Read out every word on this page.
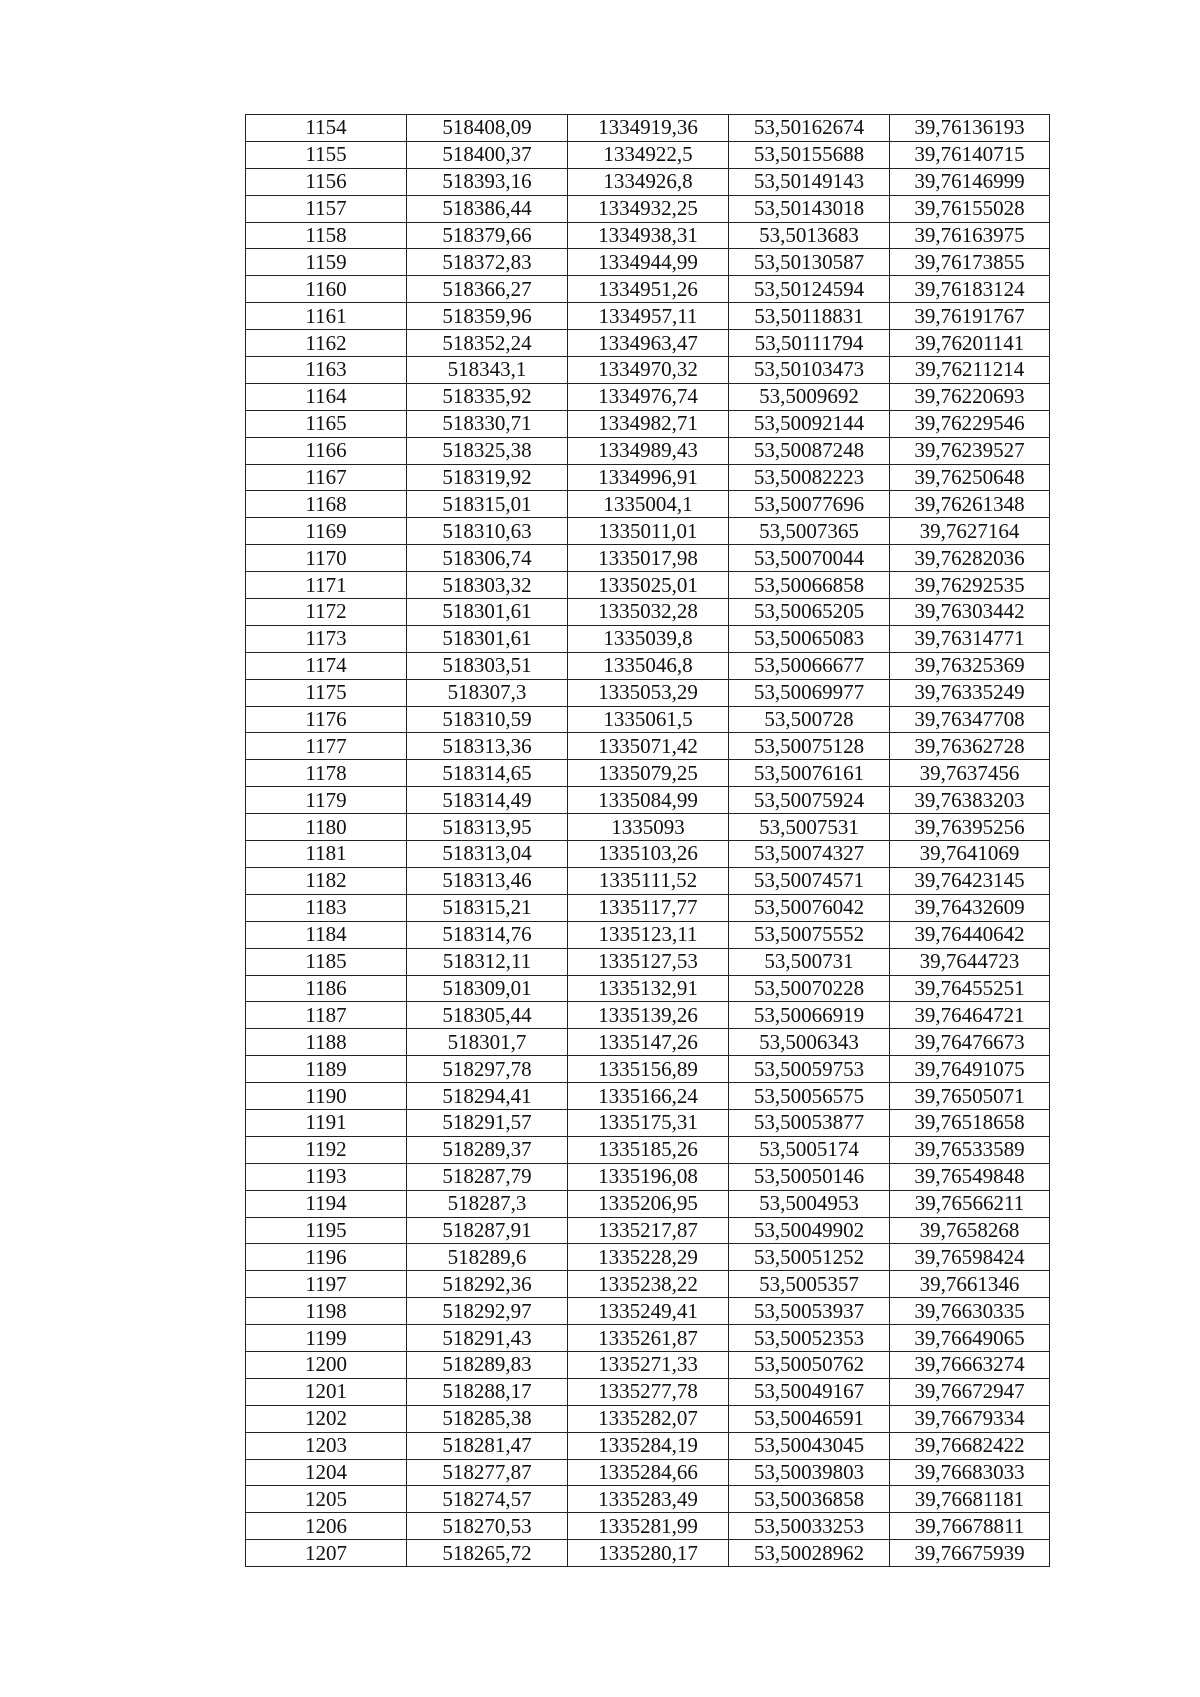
1154	518408,09	1334919,36	53,50162674	39,76136193
1155	518400,37	1334922,5	53,50155688	39,76140715
1156	518393,16	1334926,8	53,50149143	39,76146999
1157	518386,44	1334932,25	53,50143018	39,76155028
1158	518379,66	1334938,31	53,5013683	39,76163975
1159	518372,83	1334944,99	53,50130587	39,76173855
1160	518366,27	1334951,26	53,50124594	39,76183124
1161	518359,96	1334957,11	53,50118831	39,76191767
1162	518352,24	1334963,47	53,50111794	39,76201141
1163	518343,1	1334970,32	53,50103473	39,76211214
1164	518335,92	1334976,74	53,5009692	39,76220693
1165	518330,71	1334982,71	53,50092144	39,76229546
1166	518325,38	1334989,43	53,50087248	39,76239527
1167	518319,92	1334996,91	53,50082223	39,76250648
1168	518315,01	1335004,1	53,50077696	39,76261348
1169	518310,63	1335011,01	53,5007365	39,7627164
1170	518306,74	1335017,98	53,50070044	39,76282036
1171	518303,32	1335025,01	53,50066858	39,76292535
1172	518301,61	1335032,28	53,50065205	39,76303442
1173	518301,61	1335039,8	53,50065083	39,76314771
1174	518303,51	1335046,8	53,50066677	39,76325369
1175	518307,3	1335053,29	53,50069977	39,76335249
1176	518310,59	1335061,5	53,500728	39,76347708
1177	518313,36	1335071,42	53,50075128	39,76362728
1178	518314,65	1335079,25	53,50076161	39,7637456
1179	518314,49	1335084,99	53,50075924	39,76383203
1180	518313,95	1335093	53,5007531	39,76395256
1181	518313,04	1335103,26	53,50074327	39,7641069
1182	518313,46	1335111,52	53,50074571	39,76423145
1183	518315,21	1335117,77	53,50076042	39,76432609
1184	518314,76	1335123,11	53,50075552	39,76440642
1185	518312,11	1335127,53	53,500731	39,7644723
1186	518309,01	1335132,91	53,50070228	39,76455251
1187	518305,44	1335139,26	53,50066919	39,76464721
1188	518301,7	1335147,26	53,5006343	39,76476673
1189	518297,78	1335156,89	53,50059753	39,76491075
1190	518294,41	1335166,24	53,50056575	39,76505071
1191	518291,57	1335175,31	53,50053877	39,76518658
1192	518289,37	1335185,26	53,5005174	39,76533589
1193	518287,79	1335196,08	53,50050146	39,76549848
1194	518287,3	1335206,95	53,5004953	39,76566211
1195	518287,91	1335217,87	53,50049902	39,7658268
1196	518289,6	1335228,29	53,50051252	39,76598424
1197	518292,36	1335238,22	53,5005357	39,7661346
1198	518292,97	1335249,41	53,50053937	39,76630335
1199	518291,43	1335261,87	53,50052353	39,76649065
1200	518289,83	1335271,33	53,50050762	39,76663274
1201	518288,17	1335277,78	53,50049167	39,76672947
1202	518285,38	1335282,07	53,50046591	39,76679334
1203	518281,47	1335284,19	53,50043045	39,76682422
1204	518277,87	1335284,66	53,50039803	39,76683033
1205	518274,57	1335283,49	53,50036858	39,76681181
1206	518270,53	1335281,99	53,50033253	39,76678811
1207	518265,72	1335280,17	53,50028962	39,76675939
